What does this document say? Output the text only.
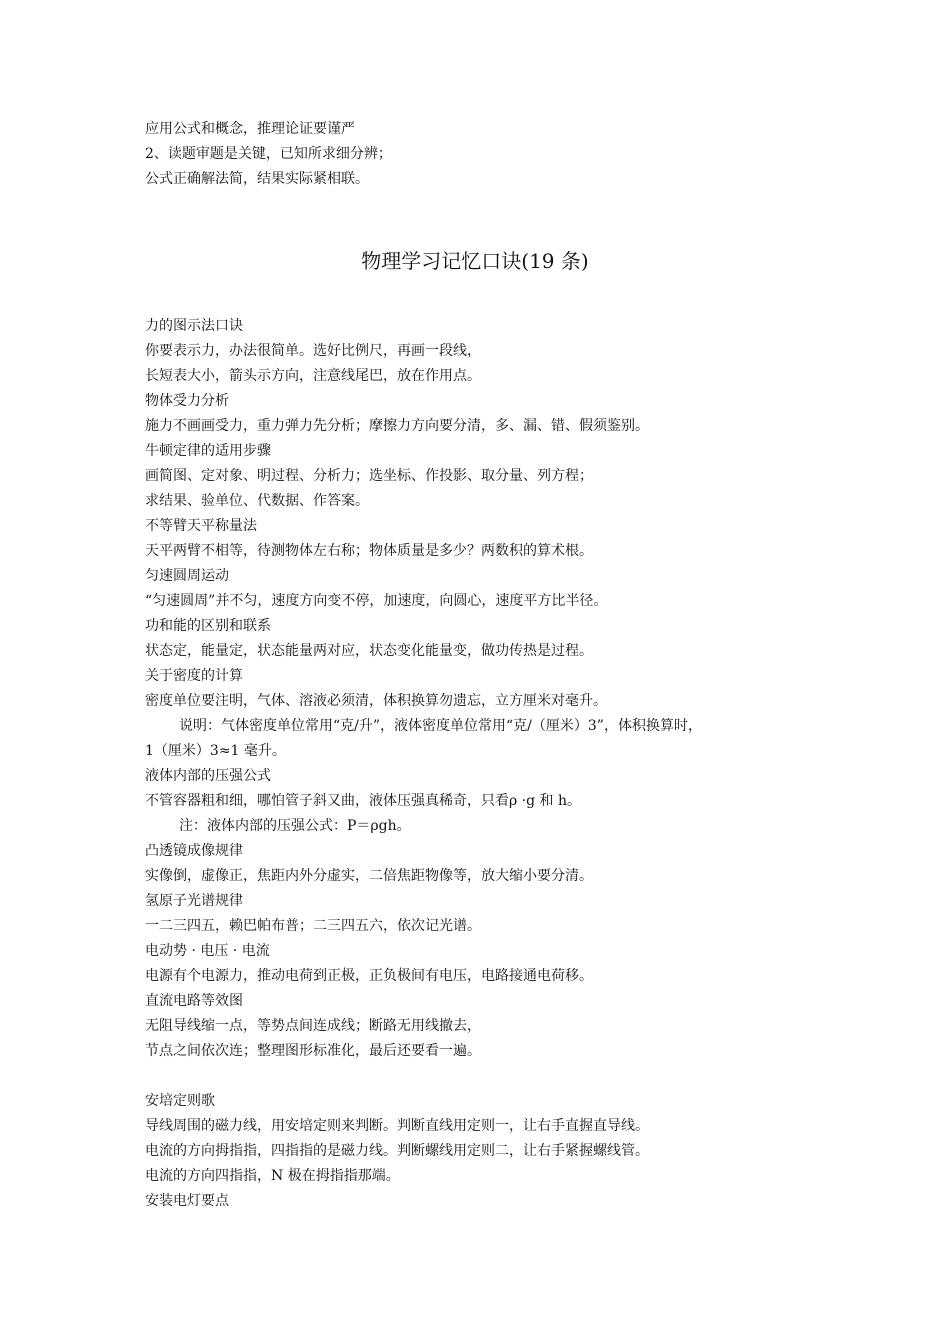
应用公式和概念，推理论证要谨严

2、读题审题是关键，已知所求细分辨；

公式正确解法简，结果实际紧相联。

物理学习记忆口诀(19 条)

力的图示法口诀

你要表示力，办法很简单。选好比例尺，再画一段线，

长短表大小，箭头示方向，注意线尾巴，放在作用点。

物体受力分析

施力不画画受力，重力弹力先分析；摩擦力方向要分清，多、漏、错、假须鉴别。

牛顿定律的适用步骤

画简图、定对象、明过程、分析力；选坐标、作投影、取分量、列方程；

求结果、验单位、代数据、作答案。

不等臂天平称量法

天平两臂不相等，待测物体左右称；物体质量是多少？两数积的算术根。

匀速圆周运动

“匀速圆周”并不匀，速度方向变不停，加速度，向圆心，速度平方比半径。

功和能的区别和联系

状态定，能量定，状态能量两对应，状态变化能量变，做功传热是过程。

关于密度的计算

密度单位要注明，气体、溶液必须清，体积换算勿遗忘，立方厘米对毫升。

说明：气体密度单位常用“克/升”，液体密度单位常用“克/（厘米）3”，体积换算时，

1（厘米）3≈1 毫升。

液体内部的压强公式

不管容器粗和细，哪怕管子斜又曲，液体压强真稀奇，只看ρ ·g 和 h。

注：液体内部的压强公式：P＝ρgh。

凸透镜成像规律

实像倒，虚像正，焦距内外分虚实，二倍焦距物像等，放大缩小要分清。

氢原子光谱规律

一二三四五，赖巴帕布普；二三四五六，依次记光谱。

电动势 · 电压 · 电流

电源有个电源力，推动电荷到正极，正负极间有电压，电路接通电荷移。

直流电路等效图

无阻导线缩一点，等势点间连成线；断路无用线撤去，

节点之间依次连；整理图形标准化，最后还要看一遍。

安培定则歌

导线周围的磁力线，用安培定则来判断。判断直线用定则一，让右手直握直导线。

电流的方向拇指指，四指指的是磁力线。判断螺线用定则二，让右手紧握螺线管。

电流的方向四指指，N 极在拇指指那端。

安装电灯要点
